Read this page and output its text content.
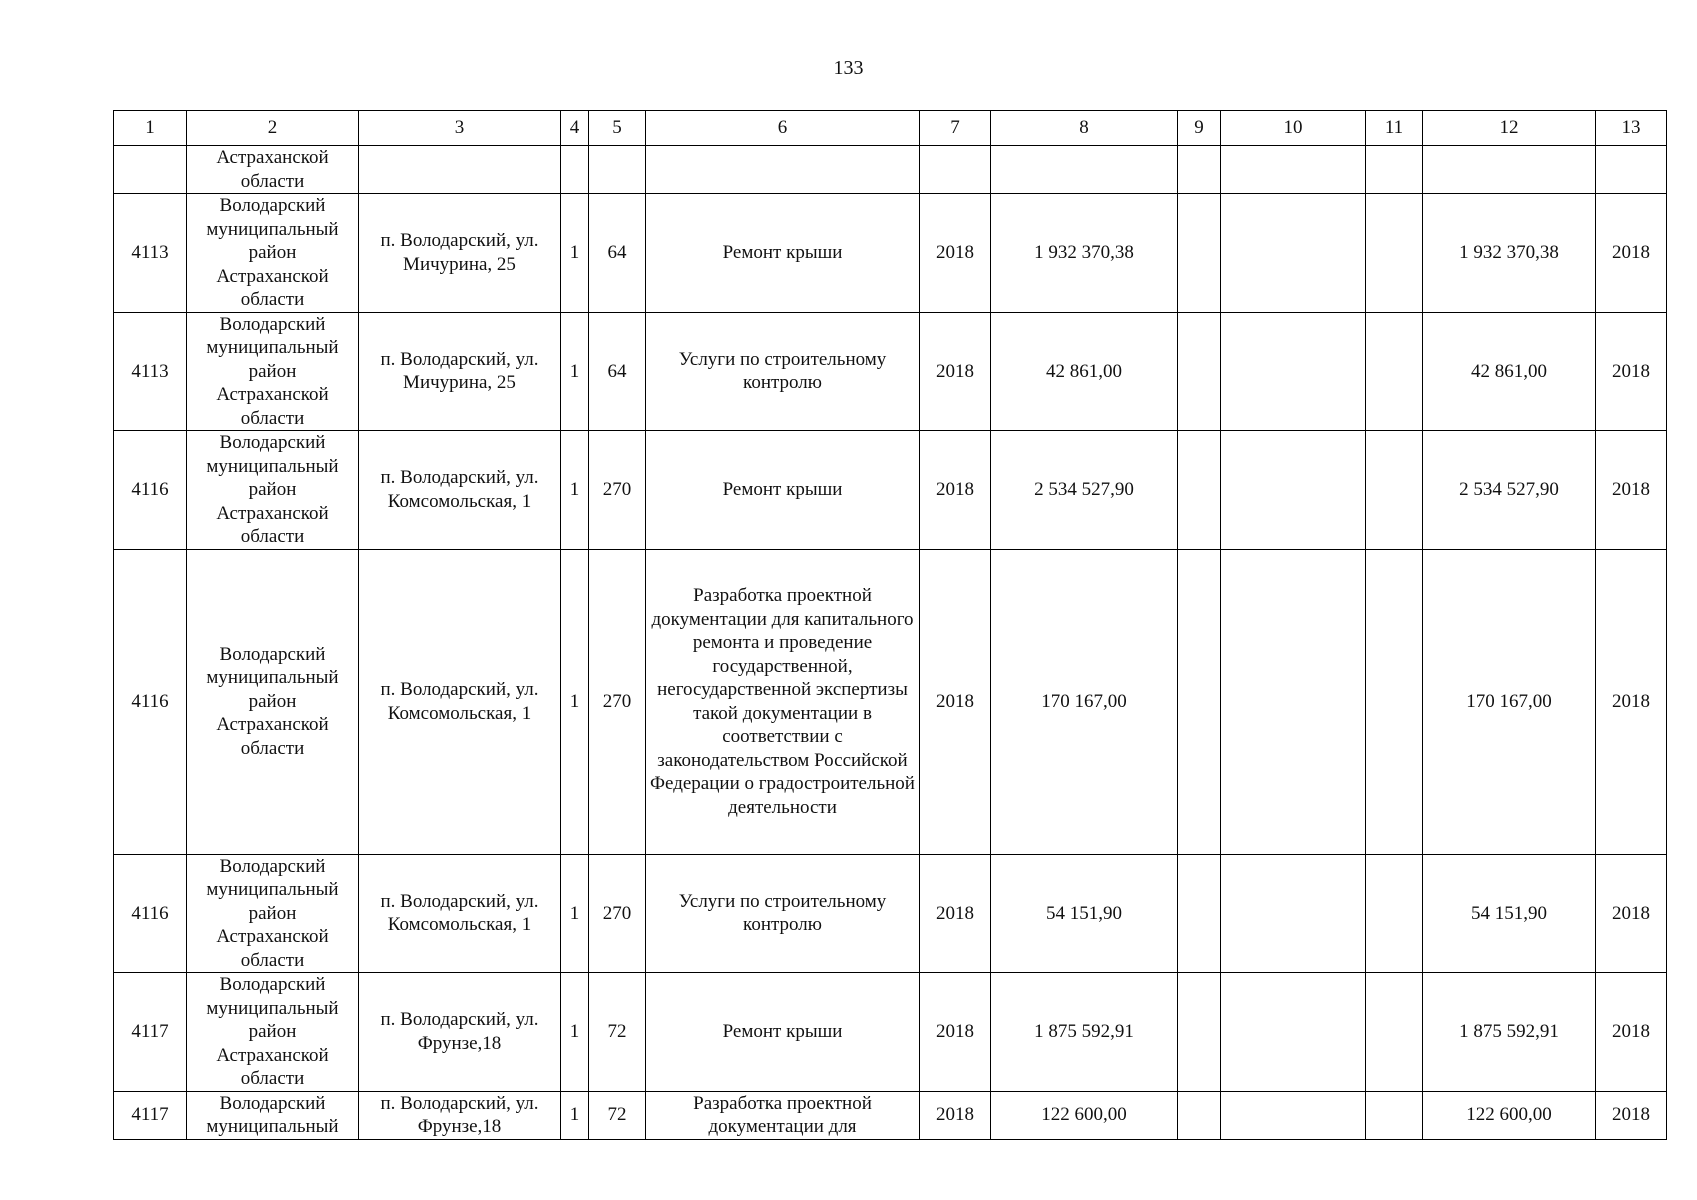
133
1	2	3	4	5	6	7	8	9	10	11	12	13
	Астраханской области											
4113	Володарский муниципальный район Астраханской области	п. Володарский, ул. Мичурина, 25	1	64	Ремонт крыши	2018	1 932 370,38				1 932 370,38	2018
4113	Володарский муниципальный район Астраханской области	п. Володарский, ул. Мичурина, 25	1	64	Услуги по строительному контролю	2018	42 861,00				42 861,00	2018
4116	Володарский муниципальный район Астраханской области	п. Володарский, ул. Комсомольская, 1	1	270	Ремонт крыши	2018	2 534 527,90				2 534 527,90	2018
4116	Володарский муниципальный район Астраханской области	п. Володарский, ул. Комсомольская, 1	1	270	Разработка проектной документации для капитального ремонта и проведение государственной, негосударственной экспертизы такой документации в соответствии с законодательством Российской Федерации о градостроительной деятельности	2018	170 167,00				170 167,00	2018
4116	Володарский муниципальный район Астраханской области	п. Володарский, ул. Комсомольская, 1	1	270	Услуги по строительному контролю	2018	54 151,90				54 151,90	2018
4117	Володарский муниципальный район Астраханской области	п. Володарский, ул. Фрунзе,18	1	72	Ремонт крыши	2018	1 875 592,91				1 875 592,91	2018
4117	Володарский муниципальный	п. Володарский, ул. Фрунзе,18	1	72	Разработка проектной документации для	2018	122 600,00				122 600,00	2018
